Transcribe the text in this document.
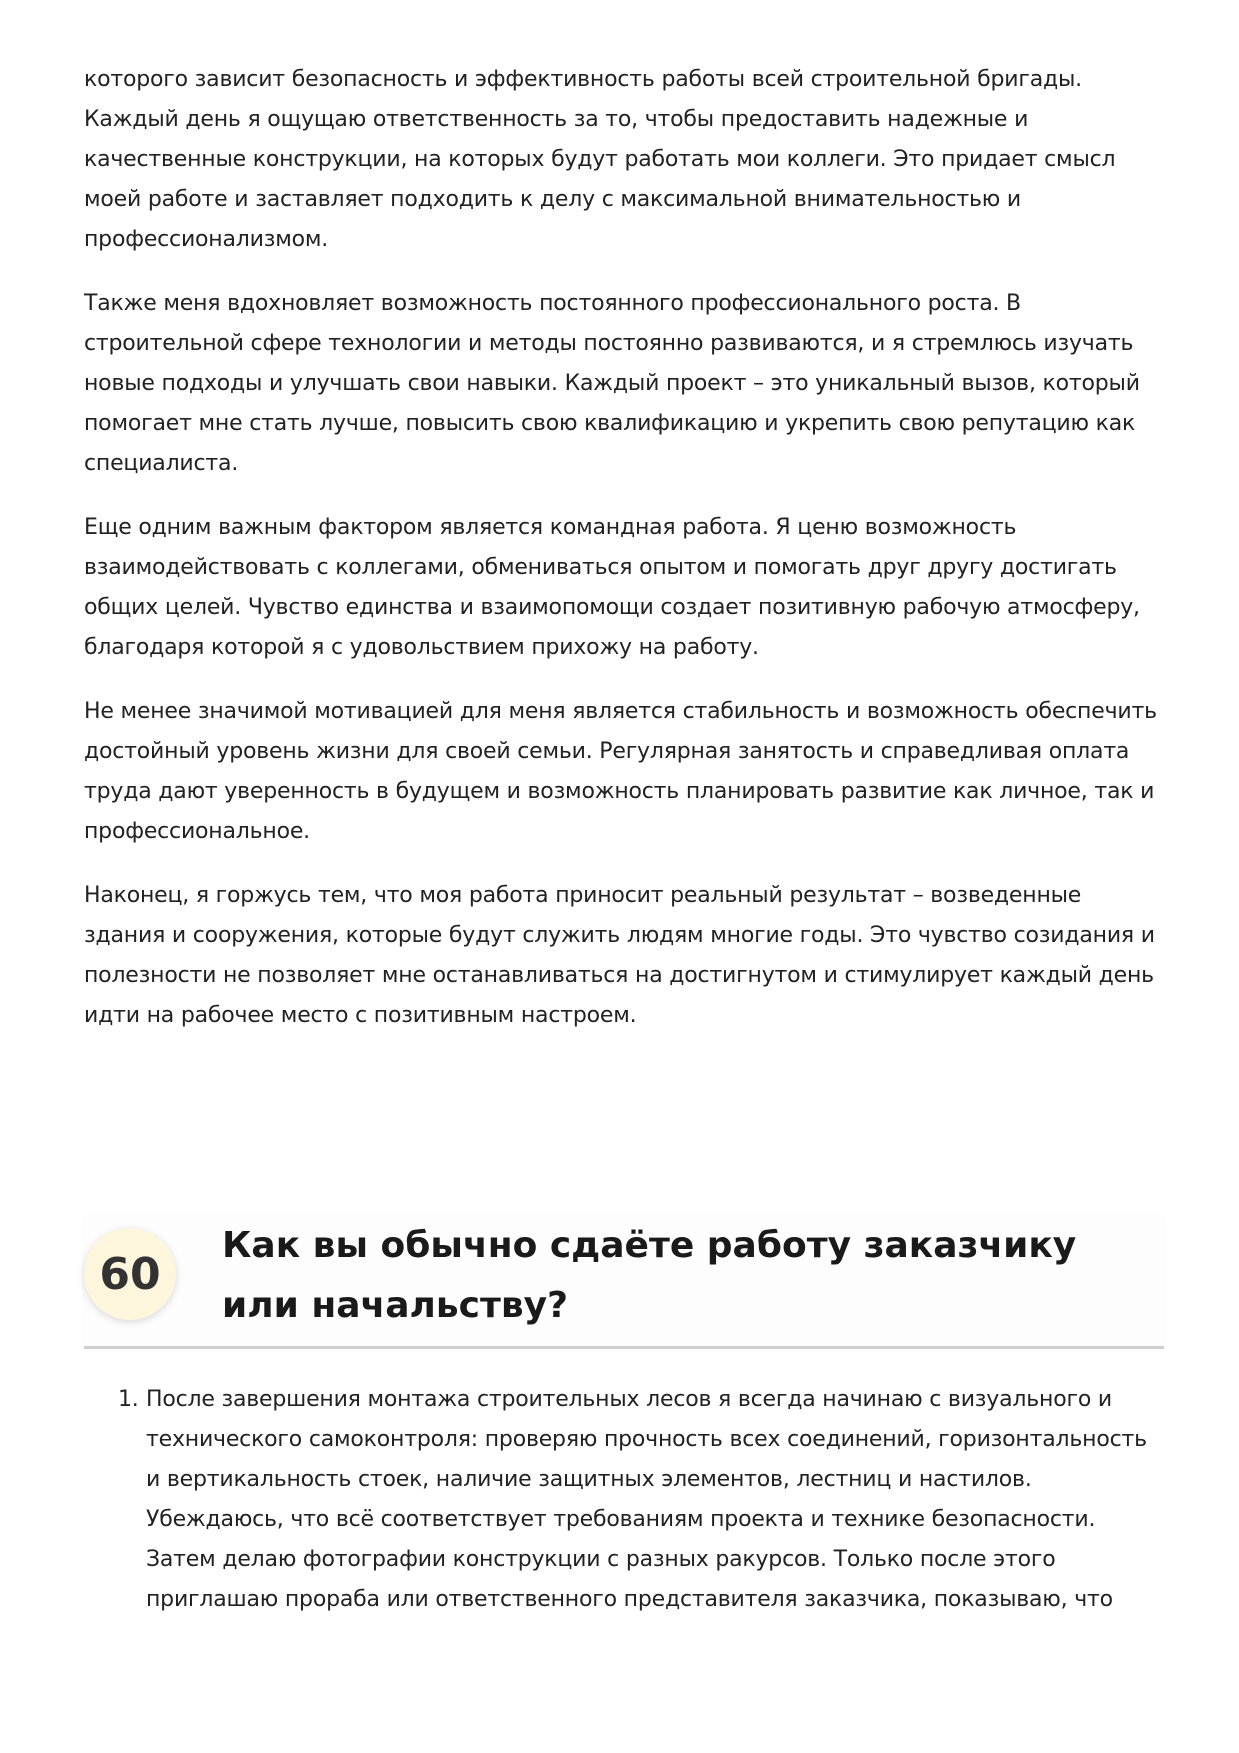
которого зависит безопасность и эффективность работы всей строительной бригады. Каждый день я ощущаю ответственность за то, чтобы предоставить надежные и качественные конструкции, на которых будут работать мои коллеги. Это придает смысл моей работе и заставляет подходить к делу с максимальной внимательностью и профессионализмом.

Также меня вдохновляет возможность постоянного профессионального роста. В строительной сфере технологии и методы постоянно развиваются, и я стремлюсь изучать новые подходы и улучшать свои навыки. Каждый проект – это уникальный вызов, который помогает мне стать лучше, повысить свою квалификацию и укрепить свою репутацию как специалиста.

Еще одним важным фактором является командная работа. Я ценю возможность взаимодействовать с коллегами, обмениваться опытом и помогать друг другу достигать общих целей. Чувство единства и взаимопомощи создает позитивную рабочую атмосферу, благодаря которой я с удовольствием прихожу на работу.

Не менее значимой мотивацией для меня является стабильность и возможность обеспечить достойный уровень жизни для своей семьи. Регулярная занятость и справедливая оплата труда дают уверенность в будущем и возможность планировать развитие как личное, так и профессиональное.

Наконец, я горжусь тем, что моя работа приносит реальный результат – возведенные здания и сооружения, которые будут служить людям многие годы. Это чувство созидания и полезности не позволяет мне останавливаться на достигнутом и стимулирует каждый день идти на рабочее место с позитивным настроем.

60
Как вы обычно сдаёте работу заказчику или начальству?
1. После завершения монтажа строительных лесов я всегда начинаю с визуального и технического самоконтроля: проверяю прочность всех соединений, горизонтальность и вертикальность стоек, наличие защитных элементов, лестниц и настилов. Убеждаюсь, что всё соответствует требованиям проекта и технике безопасности. Затем делаю фотографии конструкции с разных ракурсов. Только после этого приглашаю прораба или ответственного представителя заказчика, показываю, что
